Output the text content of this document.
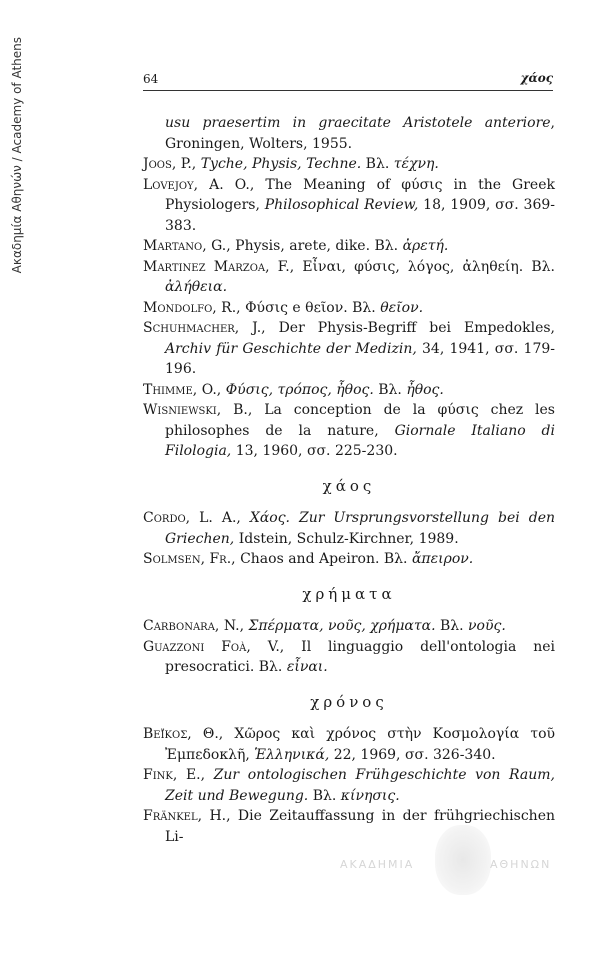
Ακαδημία Αθηνών / Academy of Athens	64	χάος
usu praesertim in graecitate Aristotele anteriore, Groningen, Wolters, 1955.
Joos, P., Tyche, Physis, Techne. Βλ. τέχνη.
Lovejoy, A. O., The Meaning of φύσις in the Greek Physiologers, Philosophical Review, 18, 1909, σσ. 369-383.
Martano, G., Physis, arete, dike. Βλ. ἀρετή.
Martinez Marzoa, F., Εἶναι, φύσις, λόγος, ἀληθείη. Βλ. ἀλήθεια.
Mondolfo, R., Φύσις e θεῖον. Βλ. θεῖον.
Schuhmacher, J., Der Physis-Begriff bei Empedokles, Archiv für Geschichte der Medizin, 34, 1941, σσ. 179-196.
Thimme, O., Φύσις, τρόπος, ἦθος. Βλ. ἦθος.
Wisniewski, B., La conception de la φύσις chez les philosophes de la nature, Giornale Italiano di Filologia, 13, 1960, σσ. 225-230.
χάος
Cordo, L. A., Χάος. Zur Ursprungsvorstellung bei den Griechen, Idstein, Schulz-Kirchner, 1989.
Solmsen, Fr., Chaos and Apeiron. Βλ. ἄπειρον.
χρήματα
Carbonara, N., Σπέρματα, νοῦς, χρήματα. Βλ. νοῦς.
Guazzoni Foà, V., Il linguaggio dell'ontologia nei presocratici. Βλ. εἶναι.
χρόνος
Βεΐκος, Θ., Χῶρος καὶ χρόνος στὴν Κοσμολογία τοῦ Ἐμπεδοκλῆ, Ἑλληνικά, 22, 1969, σσ. 326-340.
Fink, E., Zur ontologischen Frühgeschichte von Raum, Zeit und Bewegung. Βλ. κίνησις.
Fränkel, H., Die Zeitauffassung in der frühgriechischen Li-
ΑΚΑΔΗΜΙΑ	ΑΘΗΝΩΝ
